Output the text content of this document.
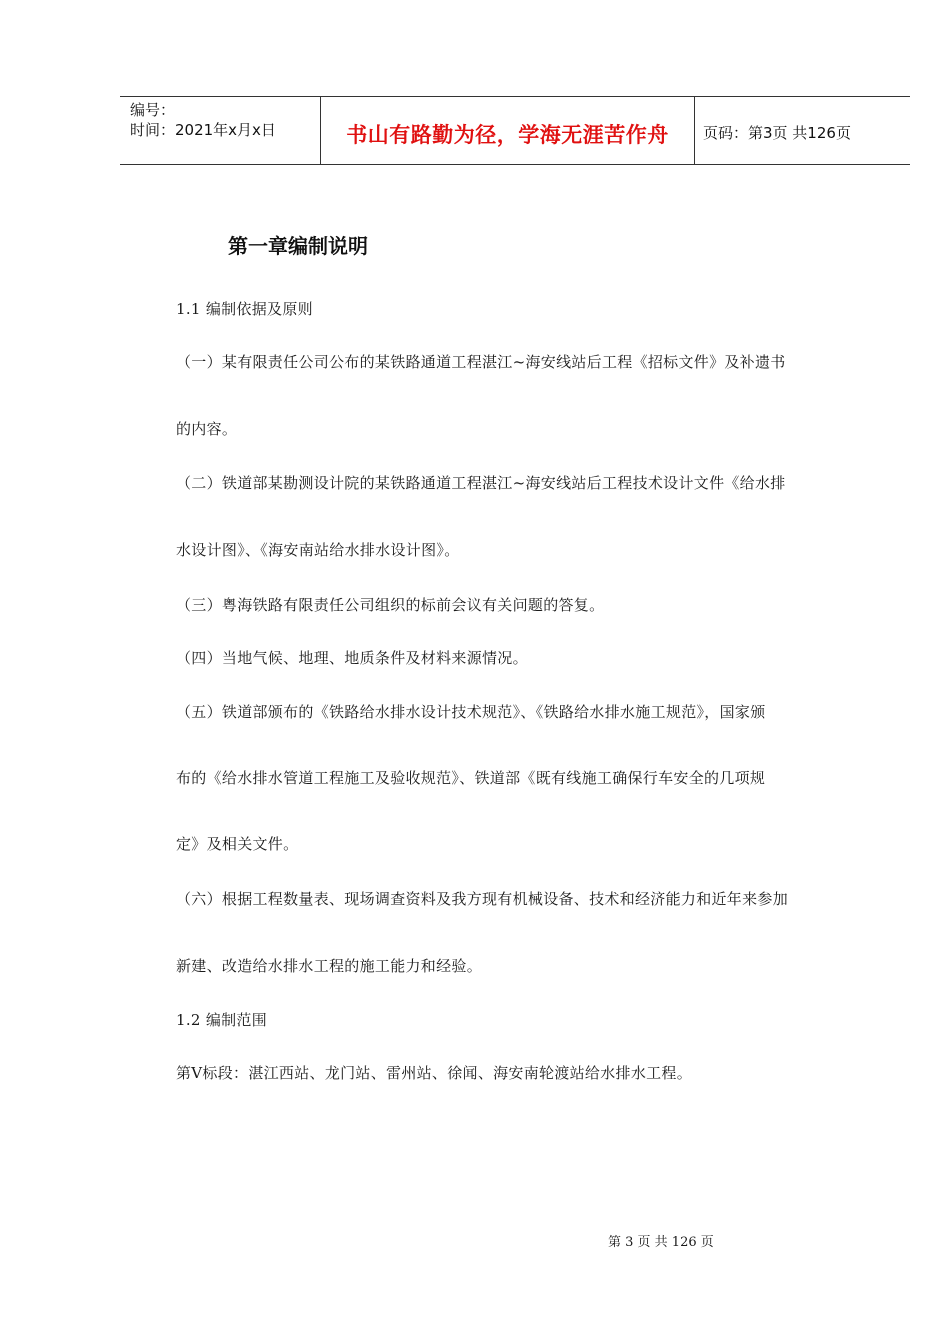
编号：
时间：2021年x月x日	书山有路勤为径，学海无涯苦作舟	页码：第3页 共126页
第一章编制说明
1.1 编制依据及原则
（一）某有限责任公司公布的某铁路通道工程湛江~海安线站后工程《招标文件》及补遗书
的内容。
（二）铁道部某勘测设计院的某铁路通道工程湛江~海安线站后工程技术设计文件《给水排
水设计图》、《海安南站给水排水设计图》。
（三）粤海铁路有限责任公司组织的标前会议有关问题的答复。
（四）当地气候、地理、地质条件及材料来源情况。
（五）铁道部颁布的《铁路给水排水设计技术规范》、《铁路给水排水施工规范》，国家颁
布的《给水排水管道工程施工及验收规范》、铁道部《既有线施工确保行车安全的几项规
定》及相关文件。
（六）根据工程数量表、现场调查资料及我方现有机械设备、技术和经济能力和近年来参加
新建、改造给水排水工程的施工能力和经验。
1.2 编制范围
第Ⅴ标段：湛江西站、龙门站、雷州站、徐闻、海安南轮渡站给水排水工程。
第 3 页 共 126 页
